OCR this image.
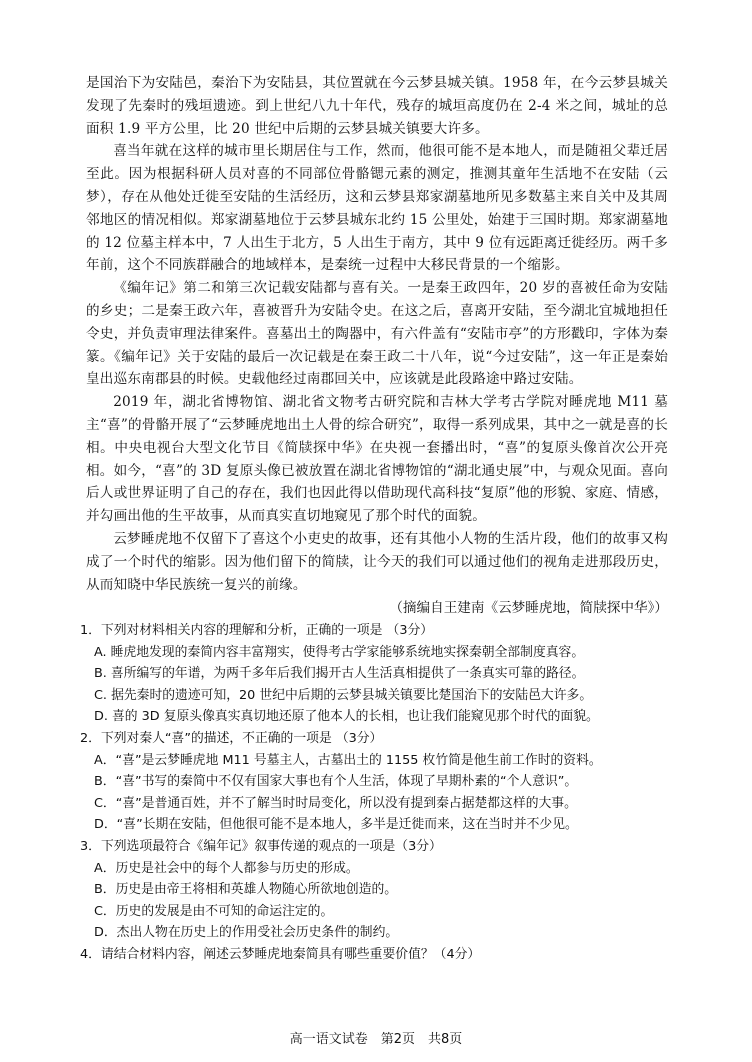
是国治下为安陆邑，秦治下为安陆县，其位置就在今云梦县城关镇。1958 年，在今云梦县城关发现了先秦时的残垣遗迹。到上世纪八九十年代，残存的城垣高度仍在 2-4 米之间，城址的总面积 1.9 平方公里，比 20 世纪中后期的云梦县城关镇要大许多。

喜当年就在这样的城市里长期居住与工作，然而，他很可能不是本地人，而是随祖父辈迁居至此。因为根据科研人员对喜的不同部位骨骼锶元素的测定，推测其童年生活地不在安陆（云梦），存在从他处迁徙至安陆的生活经历，这和云梦县郑家湖墓地所见多数墓主来自关中及其周邻地区的情况相似。郑家湖墓地位于云梦县城东北约 15 公里处，始建于三国时期。郑家湖墓地的 12 位墓主样本中，7 人出生于北方，5 人出生于南方，其中 9 位有远距离迁徙经历。两千多年前，这个不同族群融合的地域样本，是秦统一过程中大移民背景的一个缩影。

《编年记》第二和第三次记载安陆都与喜有关。一是秦王政四年，20 岁的喜被任命为安陆的乡史；二是秦王政六年，喜被晋升为安陆令史。在这之后，喜离开安陆，至今湖北宜城地担任令史，并负责审理法律案件。喜墓出土的陶器中，有六件盖有“安陆市亭”的方形戳印，字体为秦篆。《编年记》关于安陆的最后一次记载是在秦王政二十八年，说“今过安陆”，这一年正是秦始皇出巡东南郡县的时候。史载他经过南郡回关中，应该就是此段路途中路过安陆。

2019 年，湖北省博物馆、湖北省文物考古研究院和吉林大学考古学院对睡虎地 M11 墓主“喜”的骨骼开展了“云梦睡虎地出土人骨的综合研究”，取得一系列成果，其中之一就是喜的长相。中央电视台大型文化节目《简牍探中华》在央视一套播出时，“喜”的复原头像首次公开亮相。如今，“喜”的 3D 复原头像已被放置在湖北省博物馆的“湖北通史展”中，与观众见面。喜向后人或世界证明了自己的存在，我们也因此得以借助现代高科技“复原”他的形貌、家庭、情感，并勾画出他的生平故事，从而真实直切地窥见了那个时代的面貌。

云梦睡虎地不仅留下了喜这个小吏史的故事，还有其他小人物的生活片段，他们的故事又构成了一个时代的缩影。因为他们留下的简牍，让今天的我们可以通过他们的视角走进那段历史，从而知晓中华民族统一复兴的前缘。

（摘编自王建南《云梦睡虎地，简牍探中华》）

1．下列对材料相关内容的理解和分析，正确的一项是 （3分）

A. 睡虎地发现的秦简内容丰富翔实，使得考古学家能够系统地实探秦朝全部制度真容。

B. 喜所编写的年谱，为两千多年后我们揭开古人生活真相提供了一条真实可靠的路径。

C. 据先秦时的遗迹可知，20 世纪中后期的云梦县城关镇要比楚国治下的安陆邑大许多。

D. 喜的 3D 复原头像真实真切地还原了他本人的长相，也让我们能窥见那个时代的面貌。

2．下列对秦人“喜”的描述，不正确的一项是 （3分）

A．“喜”是云梦睡虎地 M11 号墓主人，古墓出土的 1155 枚竹简是他生前工作时的资料。

B．“喜”书写的秦简中不仅有国家大事也有个人生活，体现了早期朴素的“个人意识”。

C．“喜”是普通百姓，并不了解当时时局变化，所以没有提到秦占据楚都这样的大事。

D．“喜”长期在安陆，但他很可能不是本地人，多半是迁徙而来，这在当时并不少见。

3．下列选项最符合《编年记》叙事传递的观点的一项是（3分）

A．历史是社会中的每个人都参与历史的形成。

B．历史是由帝王将相和英雄人物随心所欲地创造的。

C．历史的发展是由不可知的命运注定的。

D．杰出人物在历史上的作用受社会历史条件的制约。

4．请结合材料内容，阐述云梦睡虎地秦简具有哪些重要价值？（4分）

高一语文试卷　第2页　共8页
